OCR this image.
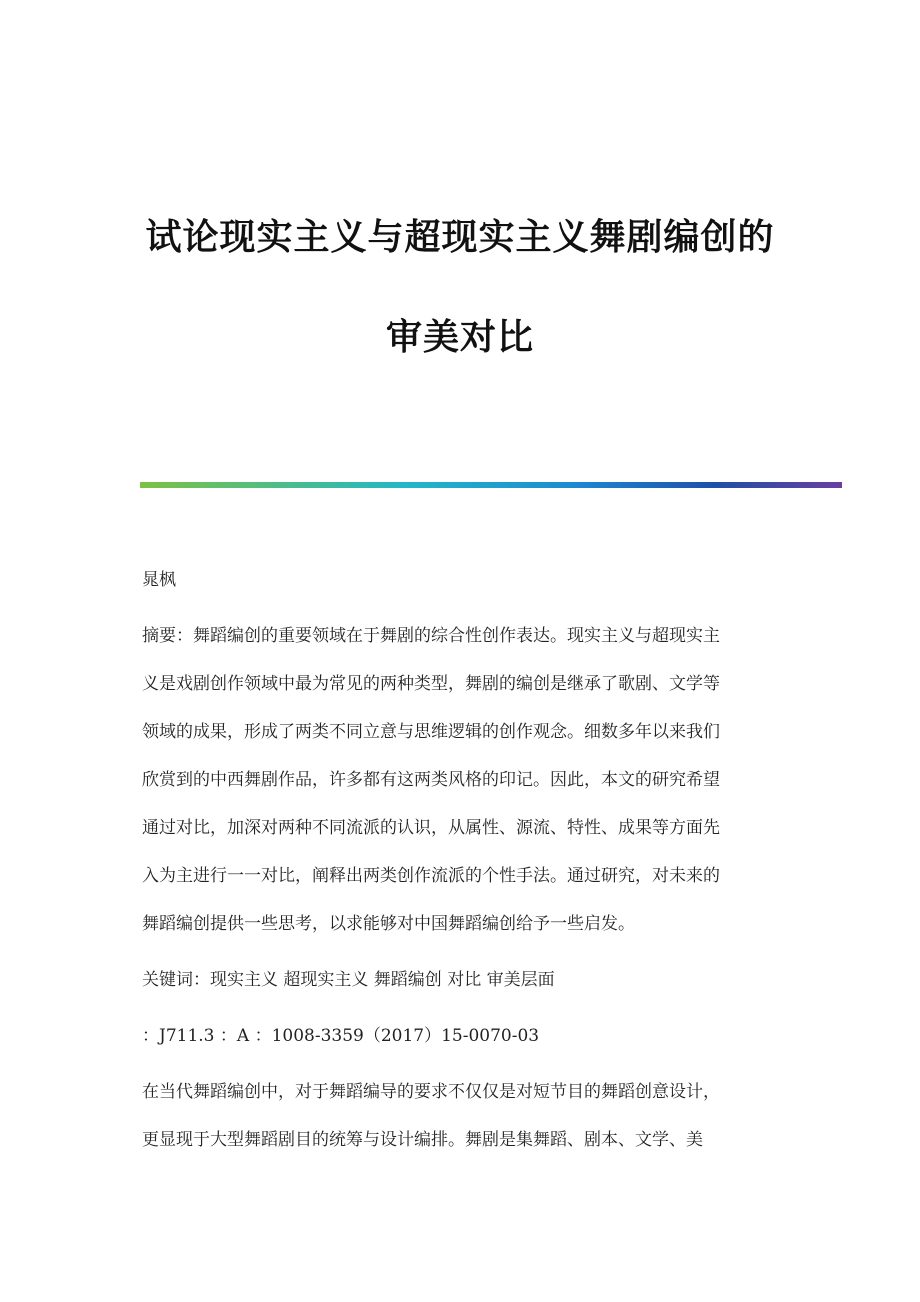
试论现实主义与超现实主义舞剧编创的
审美对比
晁枫
摘要：舞蹈编创的重要领域在于舞剧的综合性创作表达。现实主义与超现实主
义是戏剧创作领域中最为常见的两种类型，舞剧的编创是继承了歌剧、文学等
领域的成果，形成了两类不同立意与思维逻辑的创作观念。细数多年以来我们
欣赏到的中西舞剧作品，许多都有这两类风格的印记。因此，本文的研究希望
通过对比，加深对两种不同流派的认识，从属性、源流、特性、成果等方面先
入为主进行一一对比，阐释出两类创作流派的个性手法。通过研究，对未来的
舞蹈编创提供一些思考，以求能够对中国舞蹈编创给予一些启发。
关键词：现实主义 超现实主义 舞蹈编创 对比 审美层面
：J711.3 ：A ：1008-3359（2017）15-0070-03
在当代舞蹈编创中，对于舞蹈编导的要求不仅仅是对短节目的舞蹈创意设计，
更显现于大型舞蹈剧目的统筹与设计编排。舞剧是集舞蹈、剧本、文学、美
